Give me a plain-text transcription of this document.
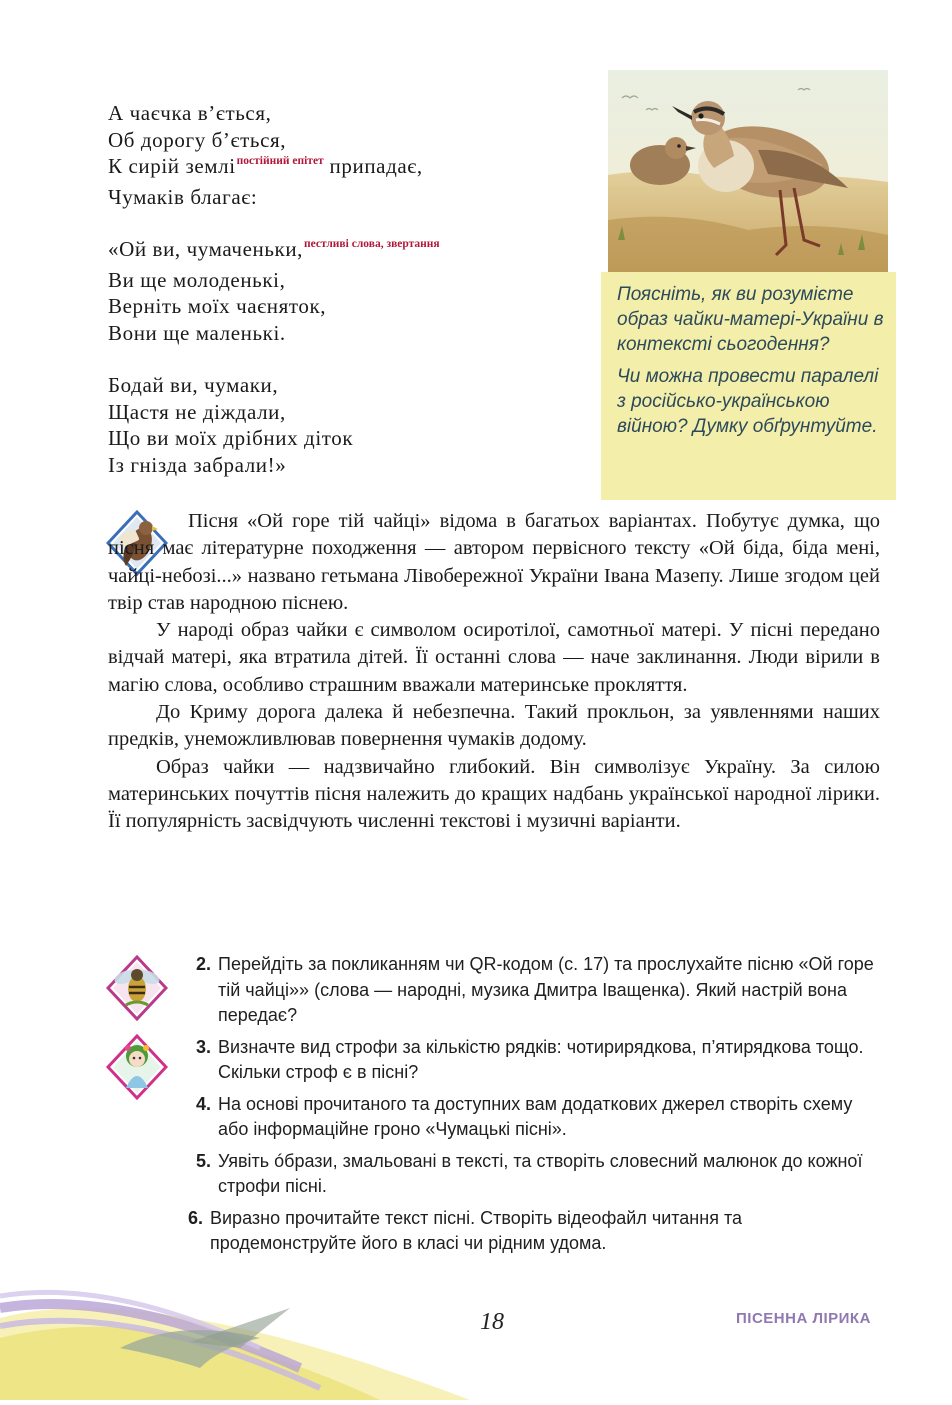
А чаєчка в’ється,
Об дорогу б’ється,
К сирій землі$^{постійний епітет}$ припадає,
Чумаків благає:
«Ой ви, чумаченьки,$^{пестливі слова, звертання}$
Ви ще молоденькі,
Верніть моїх чаєняток,
Вони ще маленькі.
Бодай ви, чумаки,
Щастя не діждали,
Що ви моїх дрібних діток
Із гнізда забрали!»

Поясніть, як ви розумієте образ чайки-матері-України в контексті сьогодення?

Чи можна провести паралелі з російсько-українською війною? Думку обґрунтуйте.

Пісня «Ой горе тій чайці» відома в багатьох варіантах. Побутує думка, що пісня має літературне походження — автором первісного тексту «Ой біда, біда мені, чайці-небозі...» названо гетьмана Лівобережної України Івана Мазепу. Лише згодом цей твір став народною піснею.

У народі образ чайки є символом осиротілої, самотньої матері. У пісні передано відчай матері, яка втратила дітей. Її останні слова — наче заклинання. Люди вірили в магію слова, особливо страшним вважали материнське прокляття.

До Криму дорога далека й небезпечна. Такий прокльон, за уявленнями наших предків, унеможливлював повернення чумаків додому.

Образ чайки — надзвичайно глибокий. Він символізує Україну. За силою материнських почуттів пісня належить до кращих надбань української народної лірики. Її популярність засвідчують численні текстові і музичні варіанти.

2. Перейдіть за покликанням чи QR-кодом (с. 17) та прослухайте пісню «Ой горе тій чайці»» (слова — народні, музика Дмитра Іващенка). Який настрій вона передає?
3. Визначте вид строфи за кількістю рядків: чотирирядкова, п’ятирядкова тощо. Скільки строф є в пісні?
4. На основі прочитаного та доступних вам додаткових джерел створіть схему або інформаційне гроно «Чумацькі пісні».
5. Уявіть óбрази, змальовані в тексті, та створіть словесний малюнок до кожної строфи пісні.
6. Виразно прочитайте текст пісні. Створіть відеофайл читання та продемонструйте його в класі чи рідним удома.
18	ПІСЕННА ЛІРИКА
